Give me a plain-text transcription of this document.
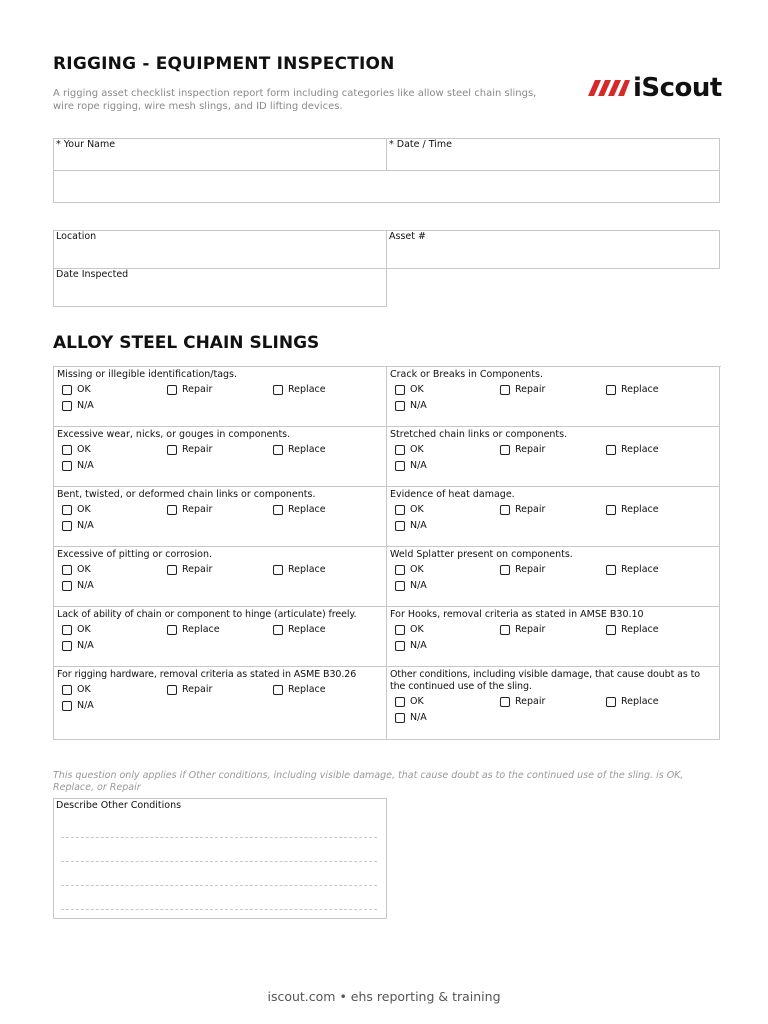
RIGGING - EQUIPMENT INSPECTION
A rigging asset checklist inspection report form including categories like allow steel chain slings, wire rope rigging, wire mesh slings, and ID lifting devices.
iScout
* Your Name	* Date / Time
Location	Asset #
Date Inspected
ALLOY STEEL CHAIN SLINGS
Missing or illegible identification/tags.
OK	Repair	Replace
N/A
Crack or Breaks in Components.
OK	Repair	Replace
N/A
Excessive wear, nicks, or gouges in components.
OK	Repair	Replace
N/A
Stretched chain links or components.
OK	Repair	Replace
N/A
Bent, twisted, or deformed chain links or components.
OK	Repair	Replace
N/A
Evidence of heat damage.
OK	Repair	Replace
N/A
Excessive of pitting or corrosion.
OK	Repair	Replace
N/A
Weld Splatter present on components.
OK	Repair	Replace
N/A
Lack of ability of chain or component to hinge (articulate) freely.
OK	Replace	Replace
N/A
For Hooks, removal criteria as stated in AMSE B30.10
OK	Repair	Replace
N/A
For rigging hardware, removal criteria as stated in ASME B30.26
OK	Repair	Replace
N/A
Other conditions, including visible damage, that cause doubt as to the continued use of the sling.
OK	Repair	Replace
N/A
This question only applies if Other conditions, including visible damage, that cause doubt as to the continued use of the sling. is OK, Replace, or Repair
Describe Other Conditions
iscout.com • ehs reporting & training
